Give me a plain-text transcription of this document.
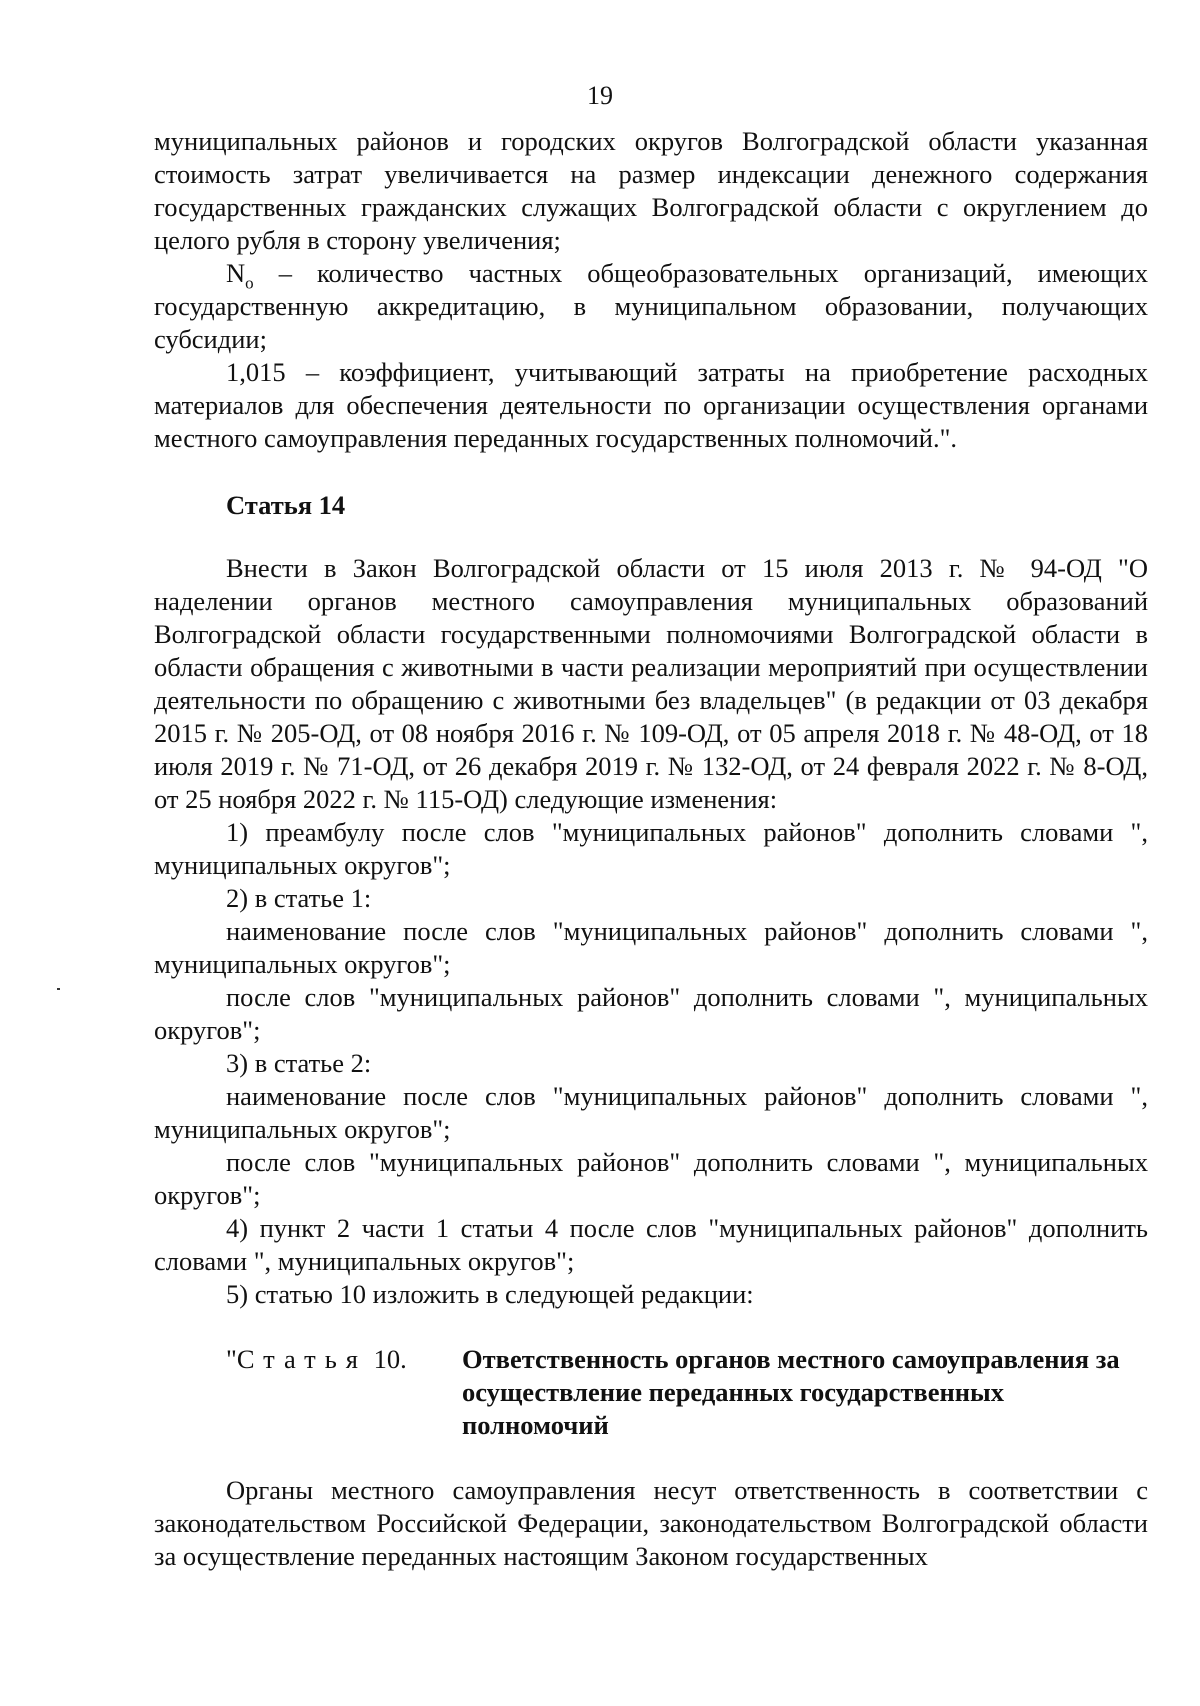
19

муниципальных районов и городских округов Волгоградской области указанная стоимость затрат увеличивается на размер индексации денежного содержания государственных гражданских служащих Волгоградской области с округлением до целого рубля в сторону увеличения;

$N_о$ – количество частных общеобразовательных организаций, имеющих государственную аккредитацию, в муниципальном образовании, получающих субсидии;

1,015 – коэффициент, учитывающий затраты на приобретение расходных материалов для обеспечения деятельности по организации осуществления органами местного самоуправления переданных государственных полномочий.".

Статья 14

Внести в Закон Волгоградской области от 15 июля 2013 г. № 94-ОД "О наделении органов местного самоуправления муниципальных образований Волгоградской области государственными полномочиями Волгоградской области в области обращения с животными в части реализации мероприятий при осуществлении деятельности по обращению с животными без владельцев" (в редакции от 03 декабря 2015 г. № 205-ОД, от 08 ноября 2016 г. № 109-ОД, от 05 апреля 2018 г. № 48-ОД, от 18 июля 2019 г. № 71-ОД, от 26 декабря 2019 г. № 132-ОД, от 24 февраля 2022 г. № 8-ОД, от 25 ноября 2022 г. № 115-ОД) следующие изменения:

1) преамбулу после слов "муниципальных районов" дополнить словами ", муниципальных округов";

2) в статье 1:

наименование после слов "муниципальных районов" дополнить словами ", муниципальных округов";

после слов "муниципальных районов" дополнить словами ", муниципальных округов";

3) в статье 2:

наименование после слов "муниципальных районов" дополнить словами ", муниципальных округов";

после слов "муниципальных районов" дополнить словами ", муниципальных округов";

4) пункт 2 части 1 статьи 4 после слов "муниципальных районов" дополнить словами ", муниципальных округов";

5) статью 10 изложить в следующей редакции:

"Статья 10.	Ответственность органов местного самоуправления за осуществление переданных государственных полномочий

Органы местного самоуправления несут ответственность в соответствии с законодательством Российской Федерации, законодательством Волгоградской области за осуществление переданных настоящим Законом государственных
